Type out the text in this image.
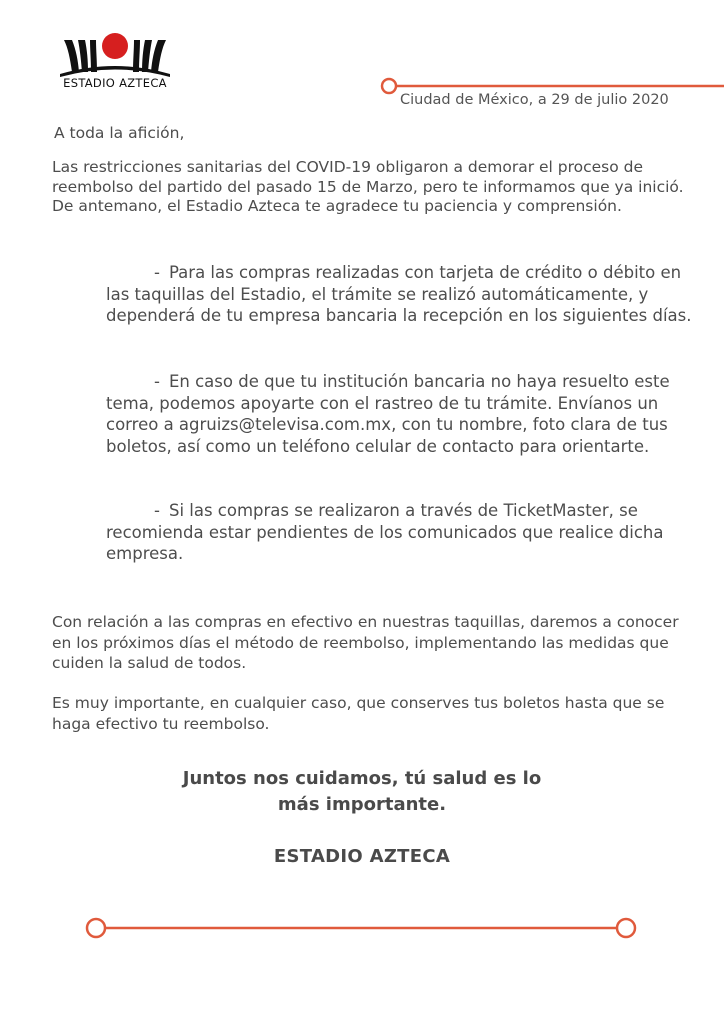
ESTADIO AZTECA
Ciudad de México, a 29 de julio 2020

A toda la afición,

Las restricciones sanitarias del COVID-19 obligaron a demorar el proceso de reembolso del partido del pasado 15 de Marzo, pero te informamos que ya inició. De antemano, el Estadio Azteca te agradece tu paciencia y comprensión.

- Para las compras realizadas con tarjeta de crédito o débito en las taquillas del Estadio, el trámite se realizó automáticamente, y dependerá de tu empresa bancaria la recepción en los siguientes días.
- En caso de que tu institución bancaria no haya resuelto este tema, podemos apoyarte con el rastreo de tu trámite. Envíanos un correo a agruizs@televisa.com.mx, con tu nombre, foto clara de tus boletos, así como un teléfono celular de contacto para orientarte.
- Si las compras se realizaron a través de TicketMaster, se recomienda estar pendientes de los comunicados que realice dicha empresa.

Con relación a las compras en efectivo en nuestras taquillas, daremos a conocer en los próximos días el método de reembolso, implementando las medidas que cuiden la salud de todos.

Es muy importante, en cualquier caso, que conserves tus boletos hasta que se haga efectivo tu reembolso.

Juntos nos cuidamos, tú salud es lo
más importante.
ESTADIO AZTECA
